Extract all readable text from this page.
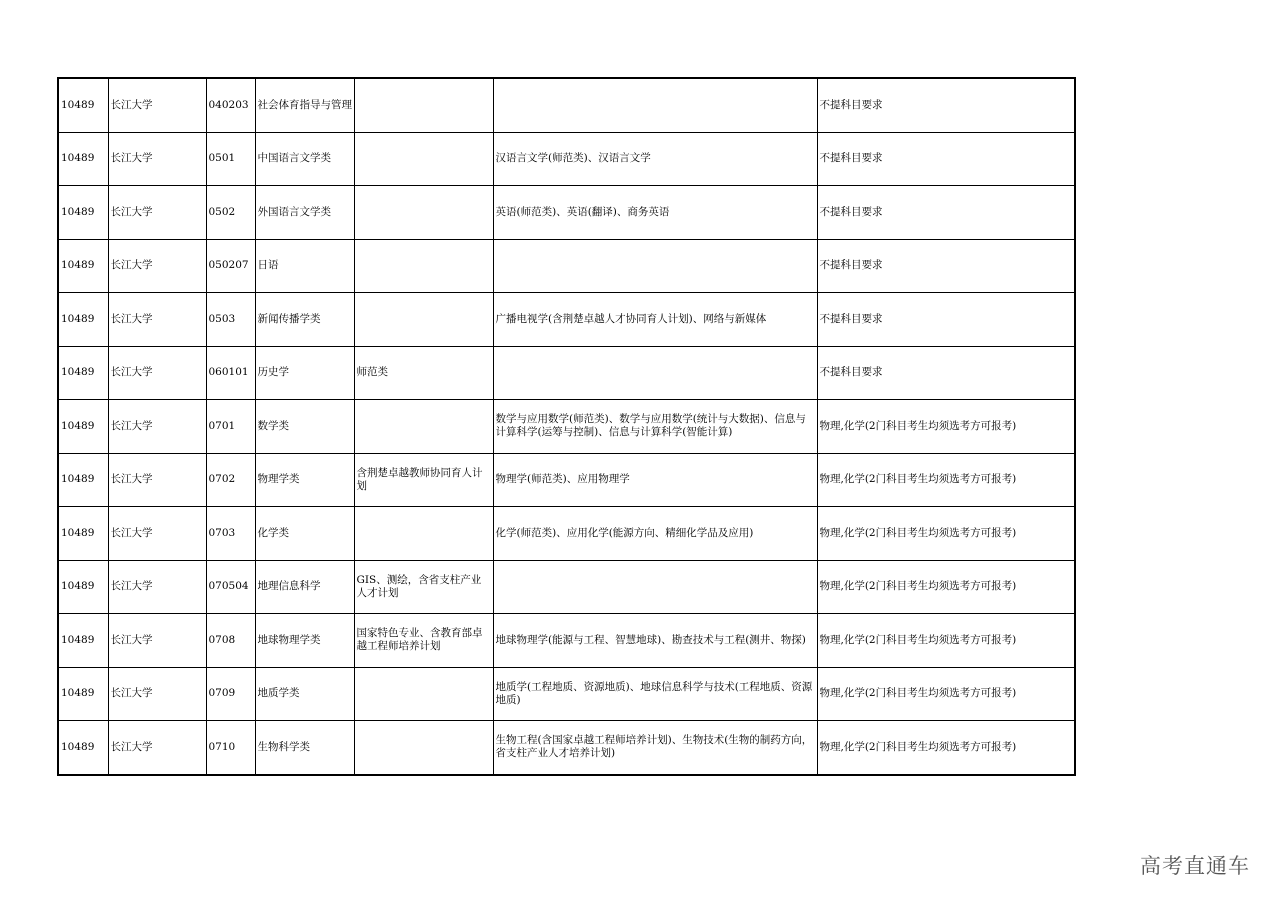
10489	长江大学	040203	社会体育指导与管理			不提科目要求
10489	长江大学	0501	中国语言文学类		汉语言文学(师范类)、汉语言文学	不提科目要求
10489	长江大学	0502	外国语言文学类		英语(师范类)、英语(翻译)、商务英语	不提科目要求
10489	长江大学	050207	日语			不提科目要求
10489	长江大学	0503	新闻传播学类		广播电视学(含荆楚卓越人才协同育人计划)、网络与新媒体	不提科目要求
10489	长江大学	060101	历史学	师范类		不提科目要求
10489	长江大学	0701	数学类		数学与应用数学(师范类)、数学与应用数学(统计与大数据)、信息与计算科学(运筹与控制)、信息与计算科学(智能计算)	物理,化学(2门科目考生均须选考方可报考)
10489	长江大学	0702	物理学类	含荆楚卓越教师协同育人计划	物理学(师范类)、应用物理学	物理,化学(2门科目考生均须选考方可报考)
10489	长江大学	0703	化学类		化学(师范类)、应用化学(能源方向、精细化学品及应用)	物理,化学(2门科目考生均须选考方可报考)
10489	长江大学	070504	地理信息科学	GIS、测绘，含省支柱产业人才计划		物理,化学(2门科目考生均须选考方可报考)
10489	长江大学	0708	地球物理学类	国家特色专业、含教育部卓越工程师培养计划	地球物理学(能源与工程、智慧地球)、勘查技术与工程(测井、物探)	物理,化学(2门科目考生均须选考方可报考)
10489	长江大学	0709	地质学类		地质学(工程地质、资源地质)、地球信息科学与技术(工程地质、资源地质)	物理,化学(2门科目考生均须选考方可报考)
10489	长江大学	0710	生物科学类		生物工程(含国家卓越工程师培养计划)、生物技术(生物的制药方向，省支柱产业人才培养计划)	物理,化学(2门科目考生均须选考方可报考)
高考直通车
